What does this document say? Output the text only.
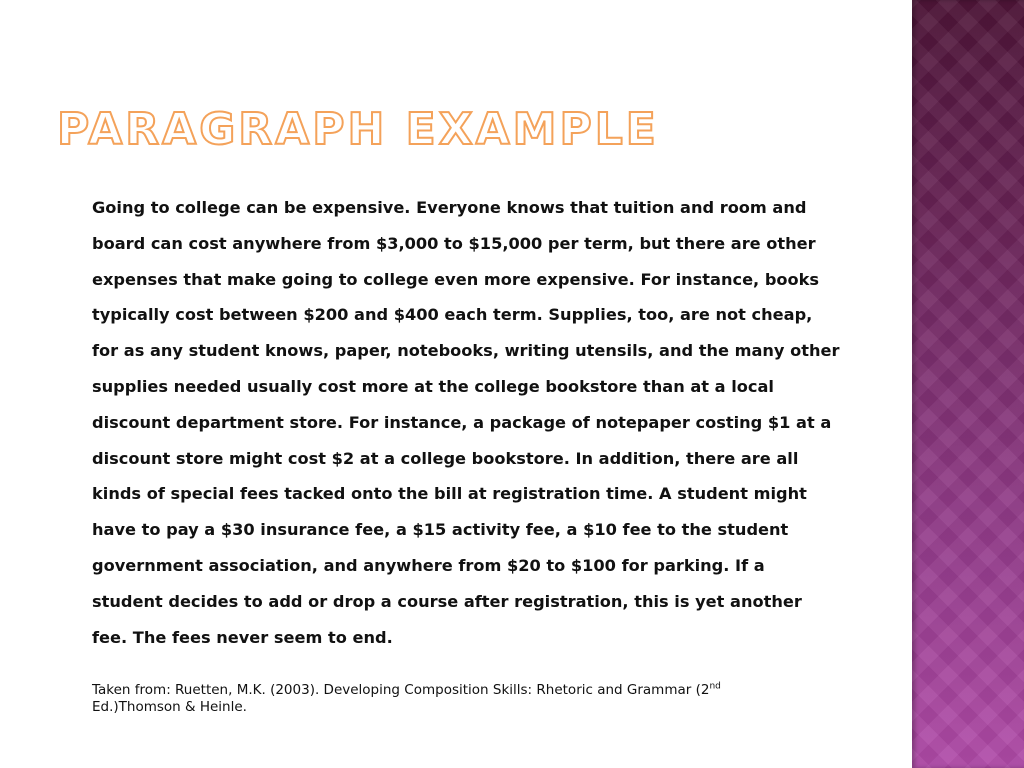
PARAGRAPH EXAMPLE

Going to college can be expensive. Everyone knows that tuition and room and
board can cost anywhere from $3,000 to $15,000 per term, but there are other
expenses that make going to college even more expensive. For instance, books
typically cost between $200 and $400 each term. Supplies, too, are not cheap,
for as any student knows, paper, notebooks, writing utensils, and the many other
supplies needed usually cost more at the college bookstore than at a local
discount department store. For instance, a package of notepaper costing $1 at a
discount store might cost $2 at a college bookstore. In addition, there are all
kinds of special fees tacked onto the bill at registration time. A student might
have to pay a $30 insurance fee, a $15 activity fee, a $10 fee to the student
government association, and anywhere from $20 to $100 for parking. If a
student decides to add or drop a course after registration, this is yet another
fee. The fees never seem to end.

Taken from: Ruetten, M.K. (2003). Developing Composition Skills: Rhetoric and Grammar (2nd
Ed.)Thomson & Heinle.
